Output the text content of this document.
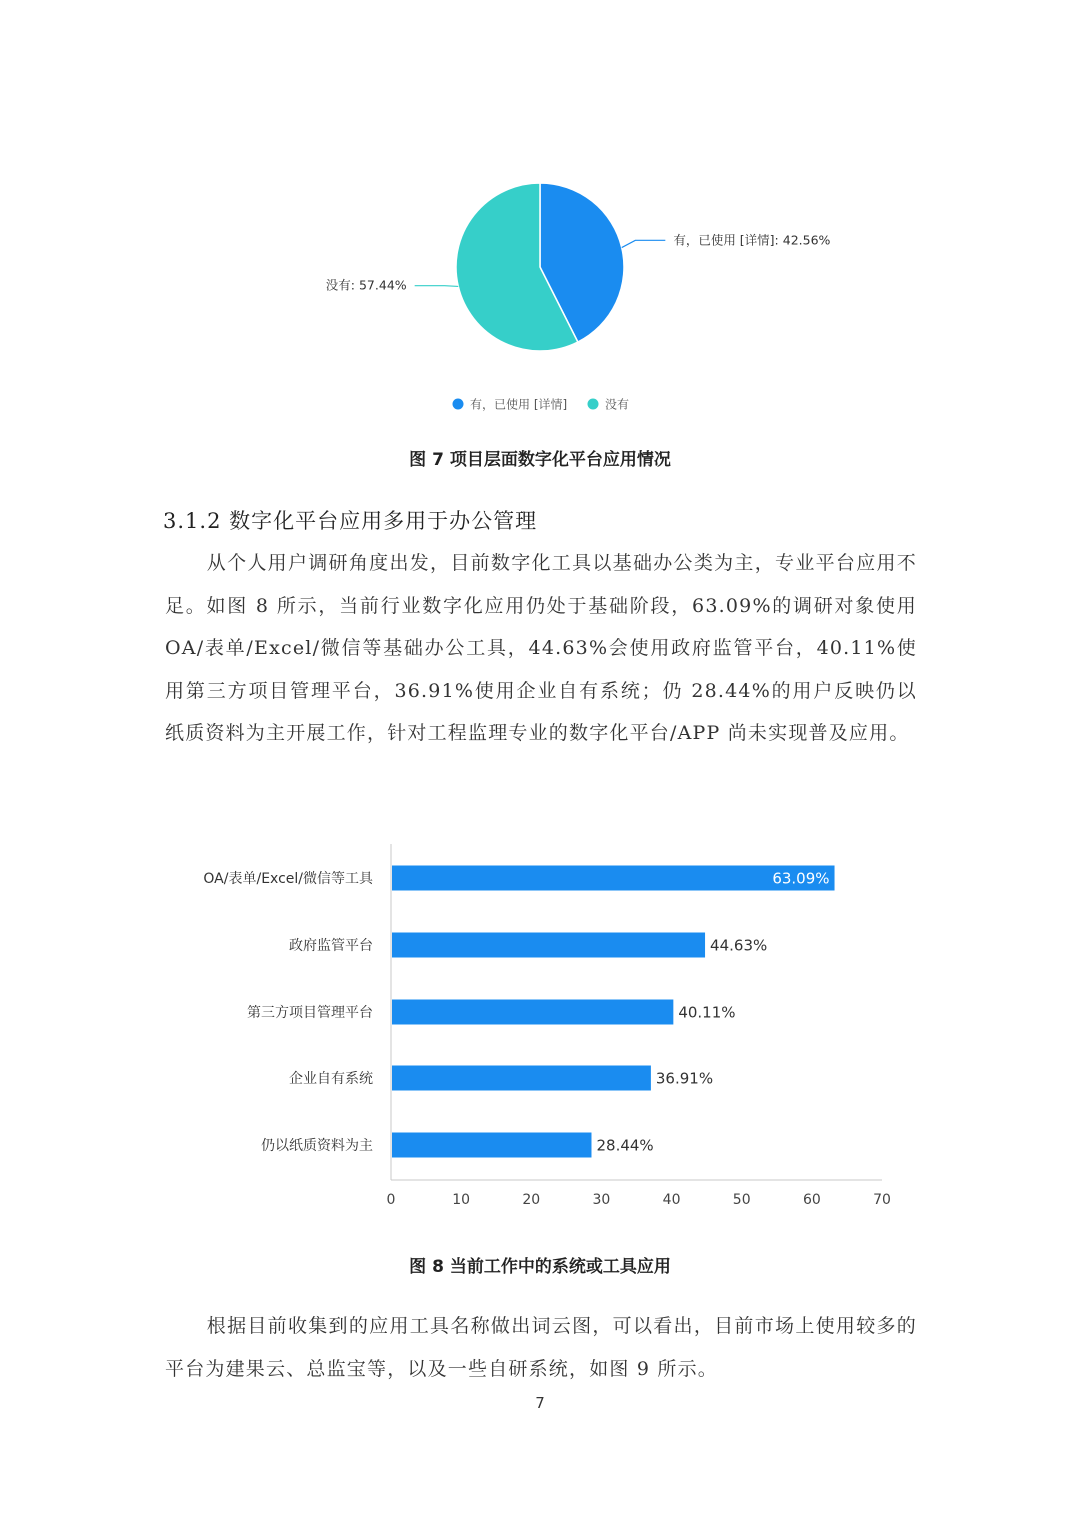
有，已使用 [详情]: 42.56%
没有: 57.44%
有，已使用 [详情]	没有
图 7 项目层面数字化平台应用情况
3.1.2 数字化平台应用多用于办公管理

从个人用户调研角度出发，目前数字化工具以基础办公类为主，专业平台应用不足。如图 8 所示，当前行业数字化应用仍处于基础阶段，63.09%的调研对象使用 OA/表单/Excel/微信等基础办公工具，44.63%会使用政府监管平台，40.11%使用第三方项目管理平台，36.91%使用企业自有系统；仍 28.44%的用户反映仍以纸质资料为主开展工作，针对工程监理专业的数字化平台/APP 尚未实现普及应用。

OA/表单/Excel/微信等工具
政府监管平台
第三方项目管理平台
企业自有系统
仍以纸质资料为主
63.09%
44.63%
40.11%
36.91%
28.44%
0	10	20	30	40	50	60	70
图 8 当前工作中的系统或工具应用

根据目前收集到的应用工具名称做出词云图，可以看出，目前市场上使用较多的平台为建果云、总监宝等，以及一些自研系统，如图 9 所示。

7
